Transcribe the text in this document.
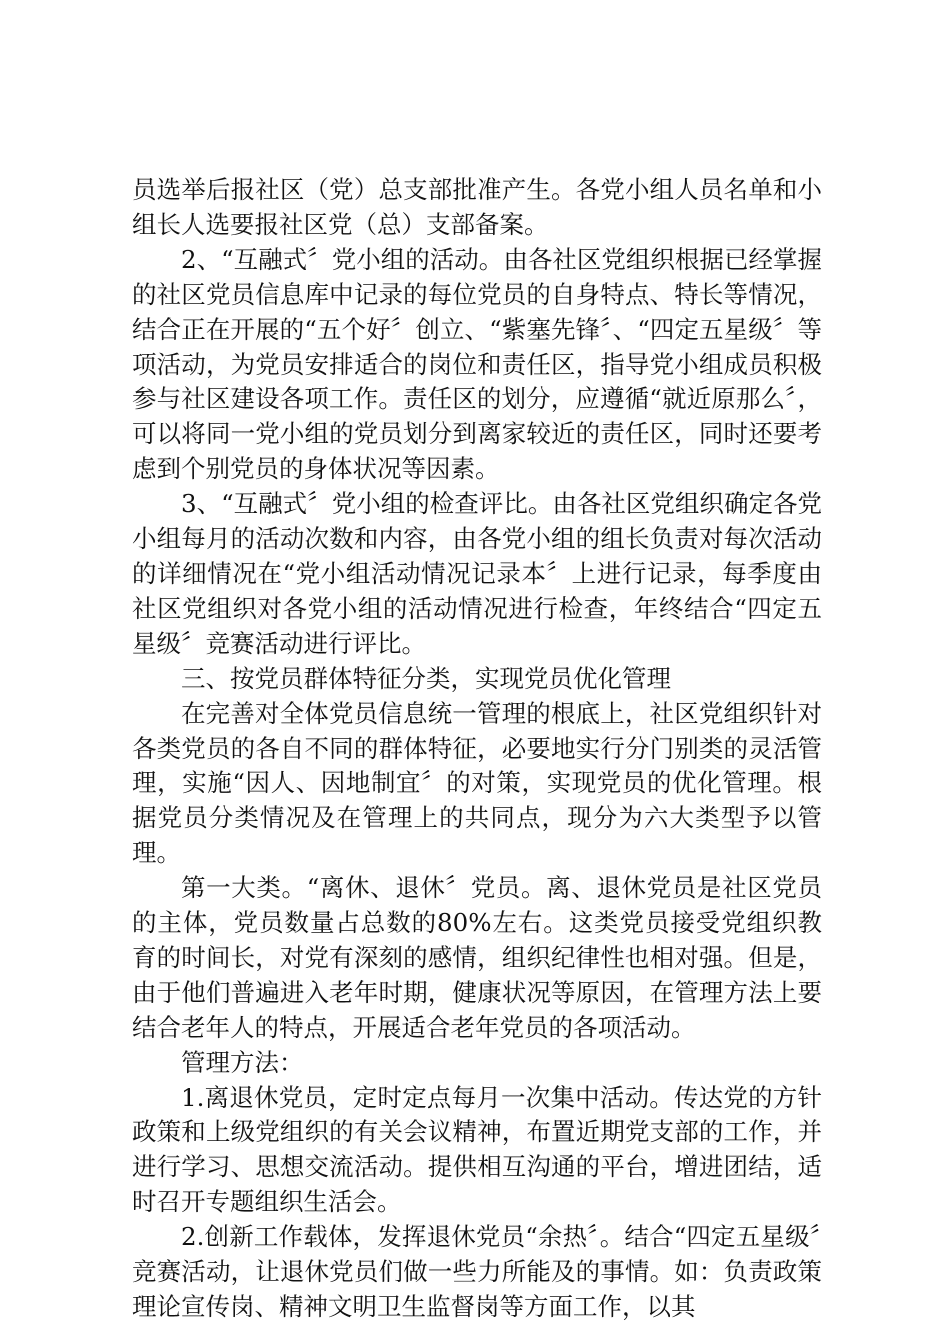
员选举后报社区（党）总支部批准产生。各党小组人员名单和小组长人选要报社区党（总）支部备案。

2、“互融式〞党小组的活动。由各社区党组织根据已经掌握的社区党员信息库中记录的每位党员的自身特点、特长等情况，结合正在开展的“五个好〞创立、“紫塞先锋〞、“四定五星级〞等项活动，为党员安排适合的岗位和责任区，指导党小组成员积极参与社区建设各项工作。责任区的划分，应遵循“就近原那么〞，可以将同一党小组的党员划分到离家较近的责任区，同时还要考虑到个别党员的身体状况等因素。

3、“互融式〞党小组的检查评比。由各社区党组织确定各党小组每月的活动次数和内容，由各党小组的组长负责对每次活动的详细情况在“党小组活动情况记录本〞上进行记录，每季度由社区党组织对各党小组的活动情况进行检查，年终结合“四定五星级〞竞赛活动进行评比。

三、按党员群体特征分类，实现党员优化管理

在完善对全体党员信息统一管理的根底上，社区党组织针对各类党员的各自不同的群体特征，必要地实行分门别类的灵活管理，实施“因人、因地制宜〞的对策，实现党员的优化管理。根据党员分类情况及在管理上的共同点，现分为六大类型予以管理。

第一大类。“离休、退休〞党员。离、退休党员是社区党员的主体，党员数量占总数的80%左右。这类党员接受党组织教育的时间长，对党有深刻的感情，组织纪律性也相对强。但是，由于他们普遍进入老年时期，健康状况等原因，在管理方法上要结合老年人的特点，开展适合老年党员的各项活动。

管理方法：

1.离退休党员，定时定点每月一次集中活动。传达党的方针政策和上级党组织的有关会议精神，布置近期党支部的工作，并进行学习、思想交流活动。提供相互沟通的平台，增进团结，适时召开专题组织生活会。

2.创新工作载体，发挥退休党员“余热〞。结合“四定五星级〞竞赛活动，让退休党员们做一些力所能及的事情。如：负责政策理论宣传岗、精神文明卫生监督岗等方面工作，以其
